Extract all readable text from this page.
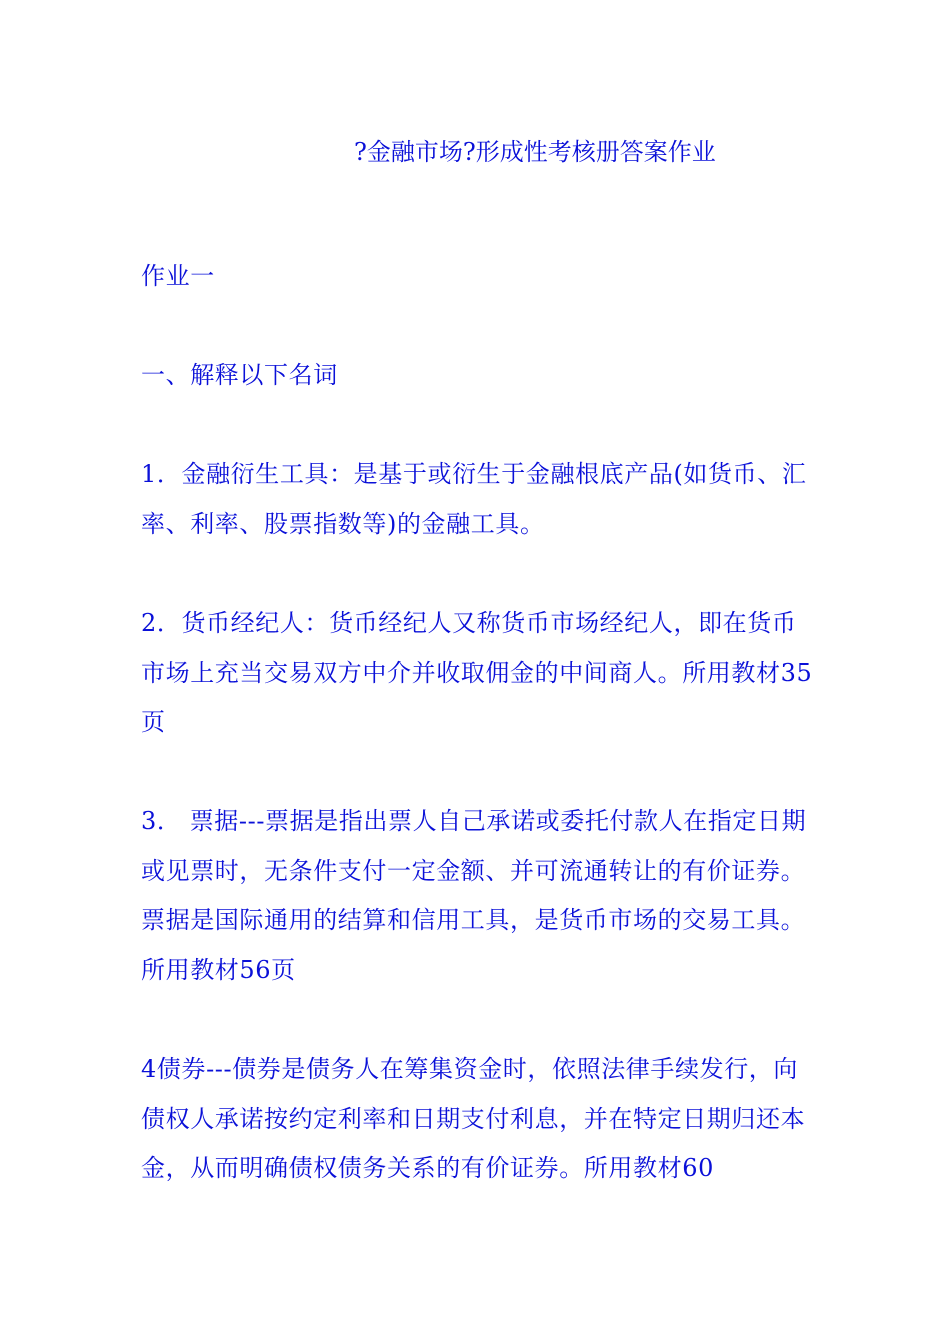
?金融市场?形成性考核册答案作业

作业一

一、解释以下名词

1．金融衍生工具：是基于或衍生于金融根底产品(如货币、汇率、利率、股票指数等)的金融工具。

2．货币经纪人：货币经纪人又称货币市场经纪人，即在货币市场上充当交易双方中介并收取佣金的中间商人。所用教材35页

3． 票据---票据是指出票人自己承诺或委托付款人在指定日期或见票时，无条件支付一定金额、并可流通转让的有价证券。票据是国际通用的结算和信用工具，是货币市场的交易工具。所用教材56页

4债券---债券是债务人在筹集资金时，依照法律手续发行，向债权人承诺按约定利率和日期支付利息，并在特定日期归还本金，从而明确债权债务关系的有价证券。所用教材60
